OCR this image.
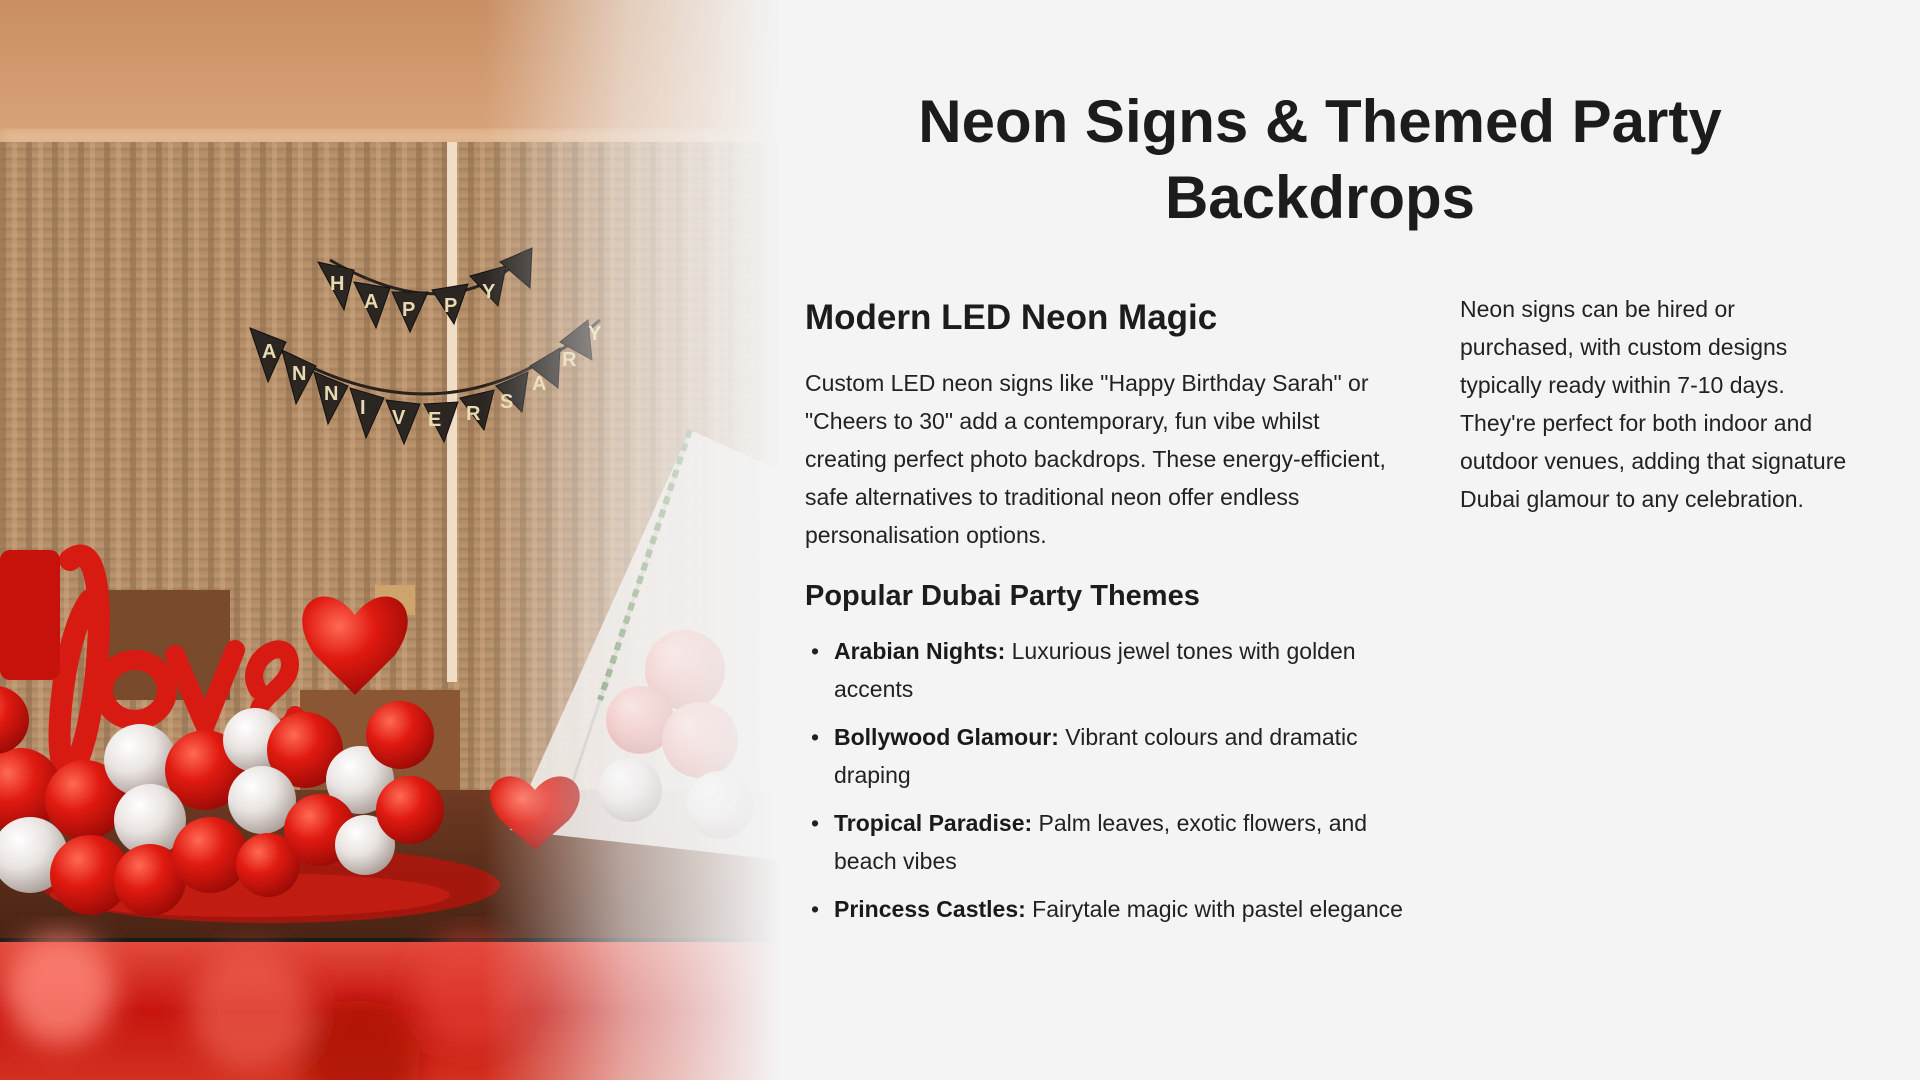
Neon Signs & Themed Party Backdrops
Modern LED Neon Magic

Custom LED neon signs like "Happy Birthday Sarah" or "Cheers to 30" add a contemporary, fun vibe whilst creating perfect photo backdrops. These energy-efficient, safe alternatives to traditional neon offer endless personalisation options.

Popular Dubai Party Themes
• Arabian Nights: Luxurious jewel tones with golden accents
• Bollywood Glamour: Vibrant colours and dramatic draping
• Tropical Paradise: Palm leaves, exotic flowers, and beach vibes
• Princess Castles: Fairytale magic with pastel elegance

Neon signs can be hired or purchased, with custom designs typically ready within 7-10 days. They're perfect for both indoor and outdoor venues, adding that signature Dubai glamour to any celebration.
